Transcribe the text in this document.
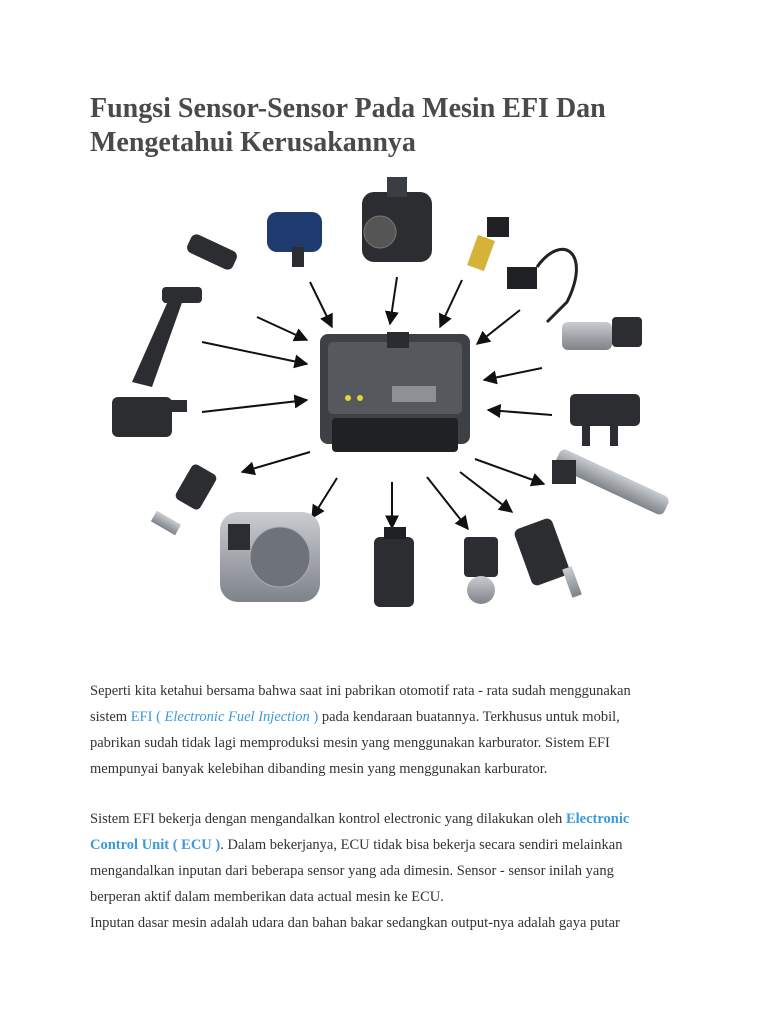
Fungsi Sensor-Sensor Pada Mesin EFI Dan Mengetahui Kerusakannya

Seperti kita ketahui bersama bahwa saat ini pabrikan otomotif rata - rata sudah menggunakan sistem EFI ( Electronic Fuel Injection ) pada kendaraan buatannya. Terkhusus untuk mobil, pabrikan sudah tidak lagi memproduksi mesin yang menggunakan karburator. Sistem EFI mempunyai banyak kelebihan dibanding mesin yang menggunakan karburator.

Sistem EFI bekerja dengan mengandalkan kontrol electronic yang dilakukan oleh Electronic Control Unit ( ECU ). Dalam bekerjanya, ECU tidak bisa bekerja secara sendiri melainkan mengandalkan inputan dari beberapa sensor yang ada dimesin. Sensor - sensor inilah yang berperan aktif dalam memberikan data actual mesin ke ECU.
Inputan dasar mesin adalah udara dan bahan bakar sedangkan output-nya adalah gaya putar
